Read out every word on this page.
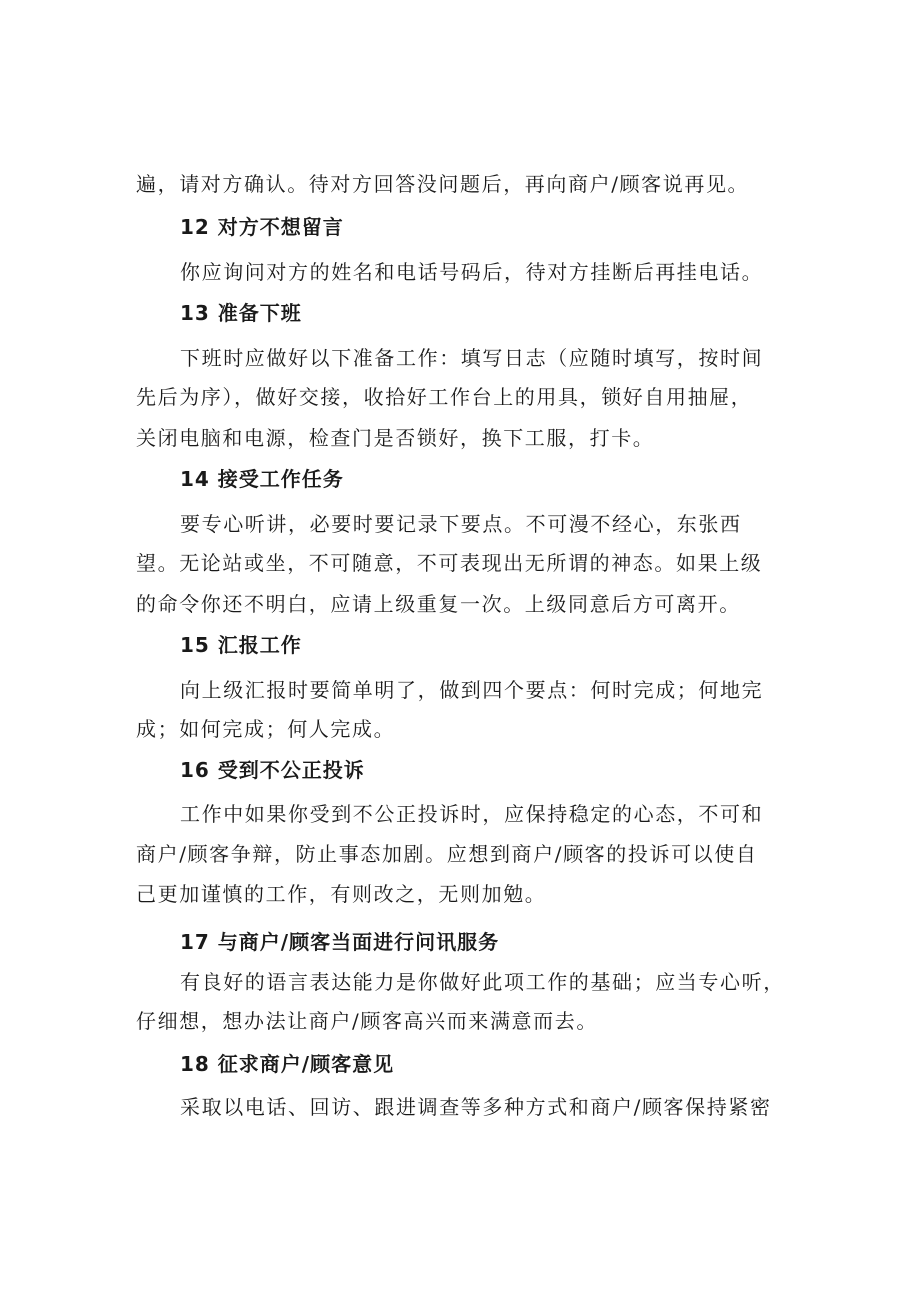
遍，请对方确认。待对方回答没问题后，再向商户/顾客说再见。
12 对方不想留言
你应询问对方的姓名和电话号码后，待对方挂断后再挂电话。
13 准备下班
下班时应做好以下准备工作：填写日志（应随时填写，按时间
先后为序），做好交接，收拾好工作台上的用具，锁好自用抽屉，
关闭电脑和电源，检查门是否锁好，换下工服，打卡。
14 接受工作任务
要专心听讲，必要时要记录下要点。不可漫不经心，东张西
望。无论站或坐，不可随意，不可表现出无所谓的神态。如果上级
的命令你还不明白，应请上级重复一次。上级同意后方可离开。
15 汇报工作
向上级汇报时要简单明了，做到四个要点：何时完成；何地完
成；如何完成；何人完成。
16 受到不公正投诉
工作中如果你受到不公正投诉时，应保持稳定的心态，不可和
商户/顾客争辩，防止事态加剧。应想到商户/顾客的投诉可以使自
己更加谨慎的工作，有则改之，无则加勉。
17 与商户/顾客当面进行问讯服务
有良好的语言表达能力是你做好此项工作的基础；应当专心听，
仔细想，想办法让商户/顾客高兴而来满意而去。
18 征求商户/顾客意见
采取以电话、回访、跟进调查等多种方式和商户/顾客保持紧密
